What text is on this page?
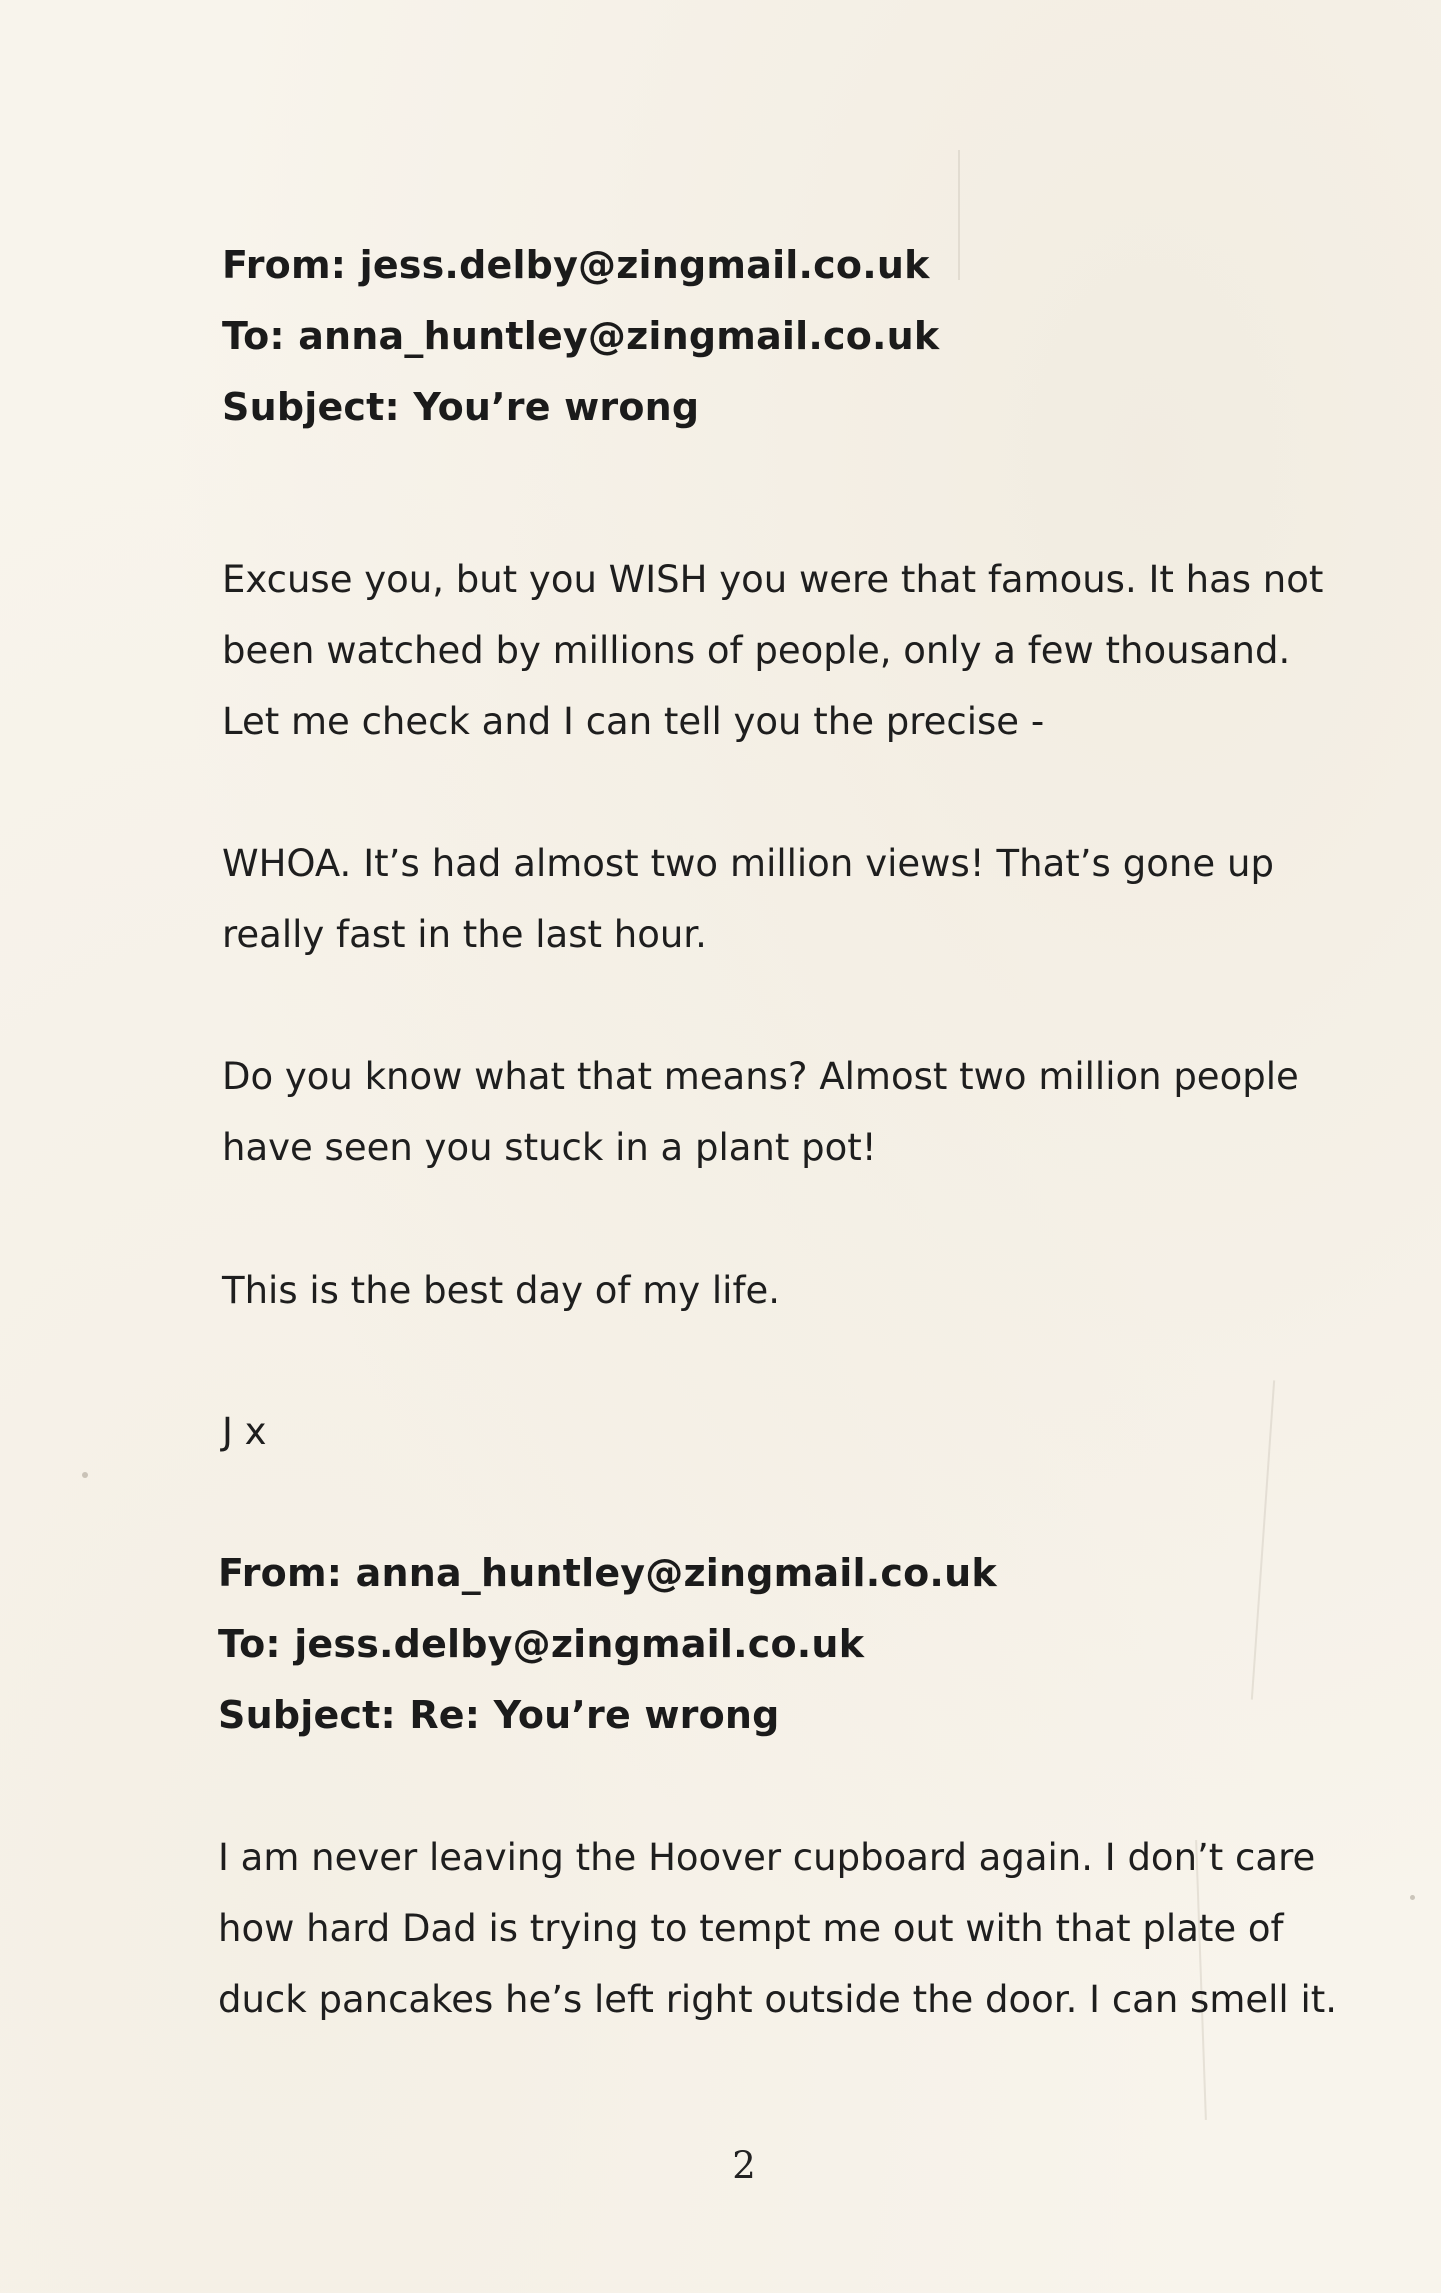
From: jess.delby@zingmail.co.uk
To: anna_huntley@zingmail.co.uk
Subject: You’re wrong
Excuse you, but you WISH you were that famous. It has not
been watched by millions of people, only a few thousand.
Let me check and I can tell you the precise -
WHOA. It’s had almost two million views! That’s gone up
really fast in the last hour.
Do you know what that means? Almost two million people
have seen you stuck in a plant pot!
This is the best day of my life.
J x
From: anna_huntley@zingmail.co.uk
To: jess.delby@zingmail.co.uk
Subject: Re: You’re wrong
I am never leaving the Hoover cupboard again. I don’t care
how hard Dad is trying to tempt me out with that plate of
duck pancakes he’s left right outside the door. I can smell it.
2
